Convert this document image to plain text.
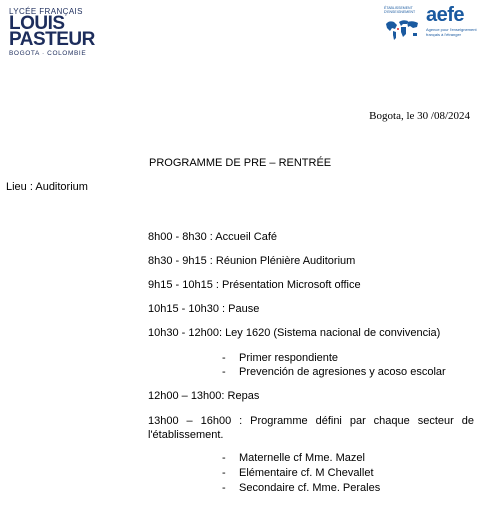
LYCÉE FRANÇAIS
LOUIS
PASTEUR
BOGOTA · COLOMBIE
ÉTABLISSEMENT D'ENSEIGNEMENT aefe
Agence pour l'enseignement français à l'étranger
Bogota, le 30 /08/2024
PROGRAMME DE PRE – RENTRÉE
Lieu : Auditorium
8h00 - 8h30 : Accueil Café
8h30 - 9h15 : Réunion Plénière Auditorium
9h15 - 10h15 : Présentation Microsoft office
10h15 - 10h30 : Pause
10h30 - 12h00: Ley 1620 (Sistema nacional de convivencia)
- Primer respondiente
- Prevención de agresiones y acoso escolar
12h00 – 13h00: Repas
13h00 – 16h00 : Programme défini par chaque secteur de l'établissement.
- Maternelle cf Mme. Mazel
- Elémentaire cf. M Chevallet
- Secondaire cf. Mme. Perales
